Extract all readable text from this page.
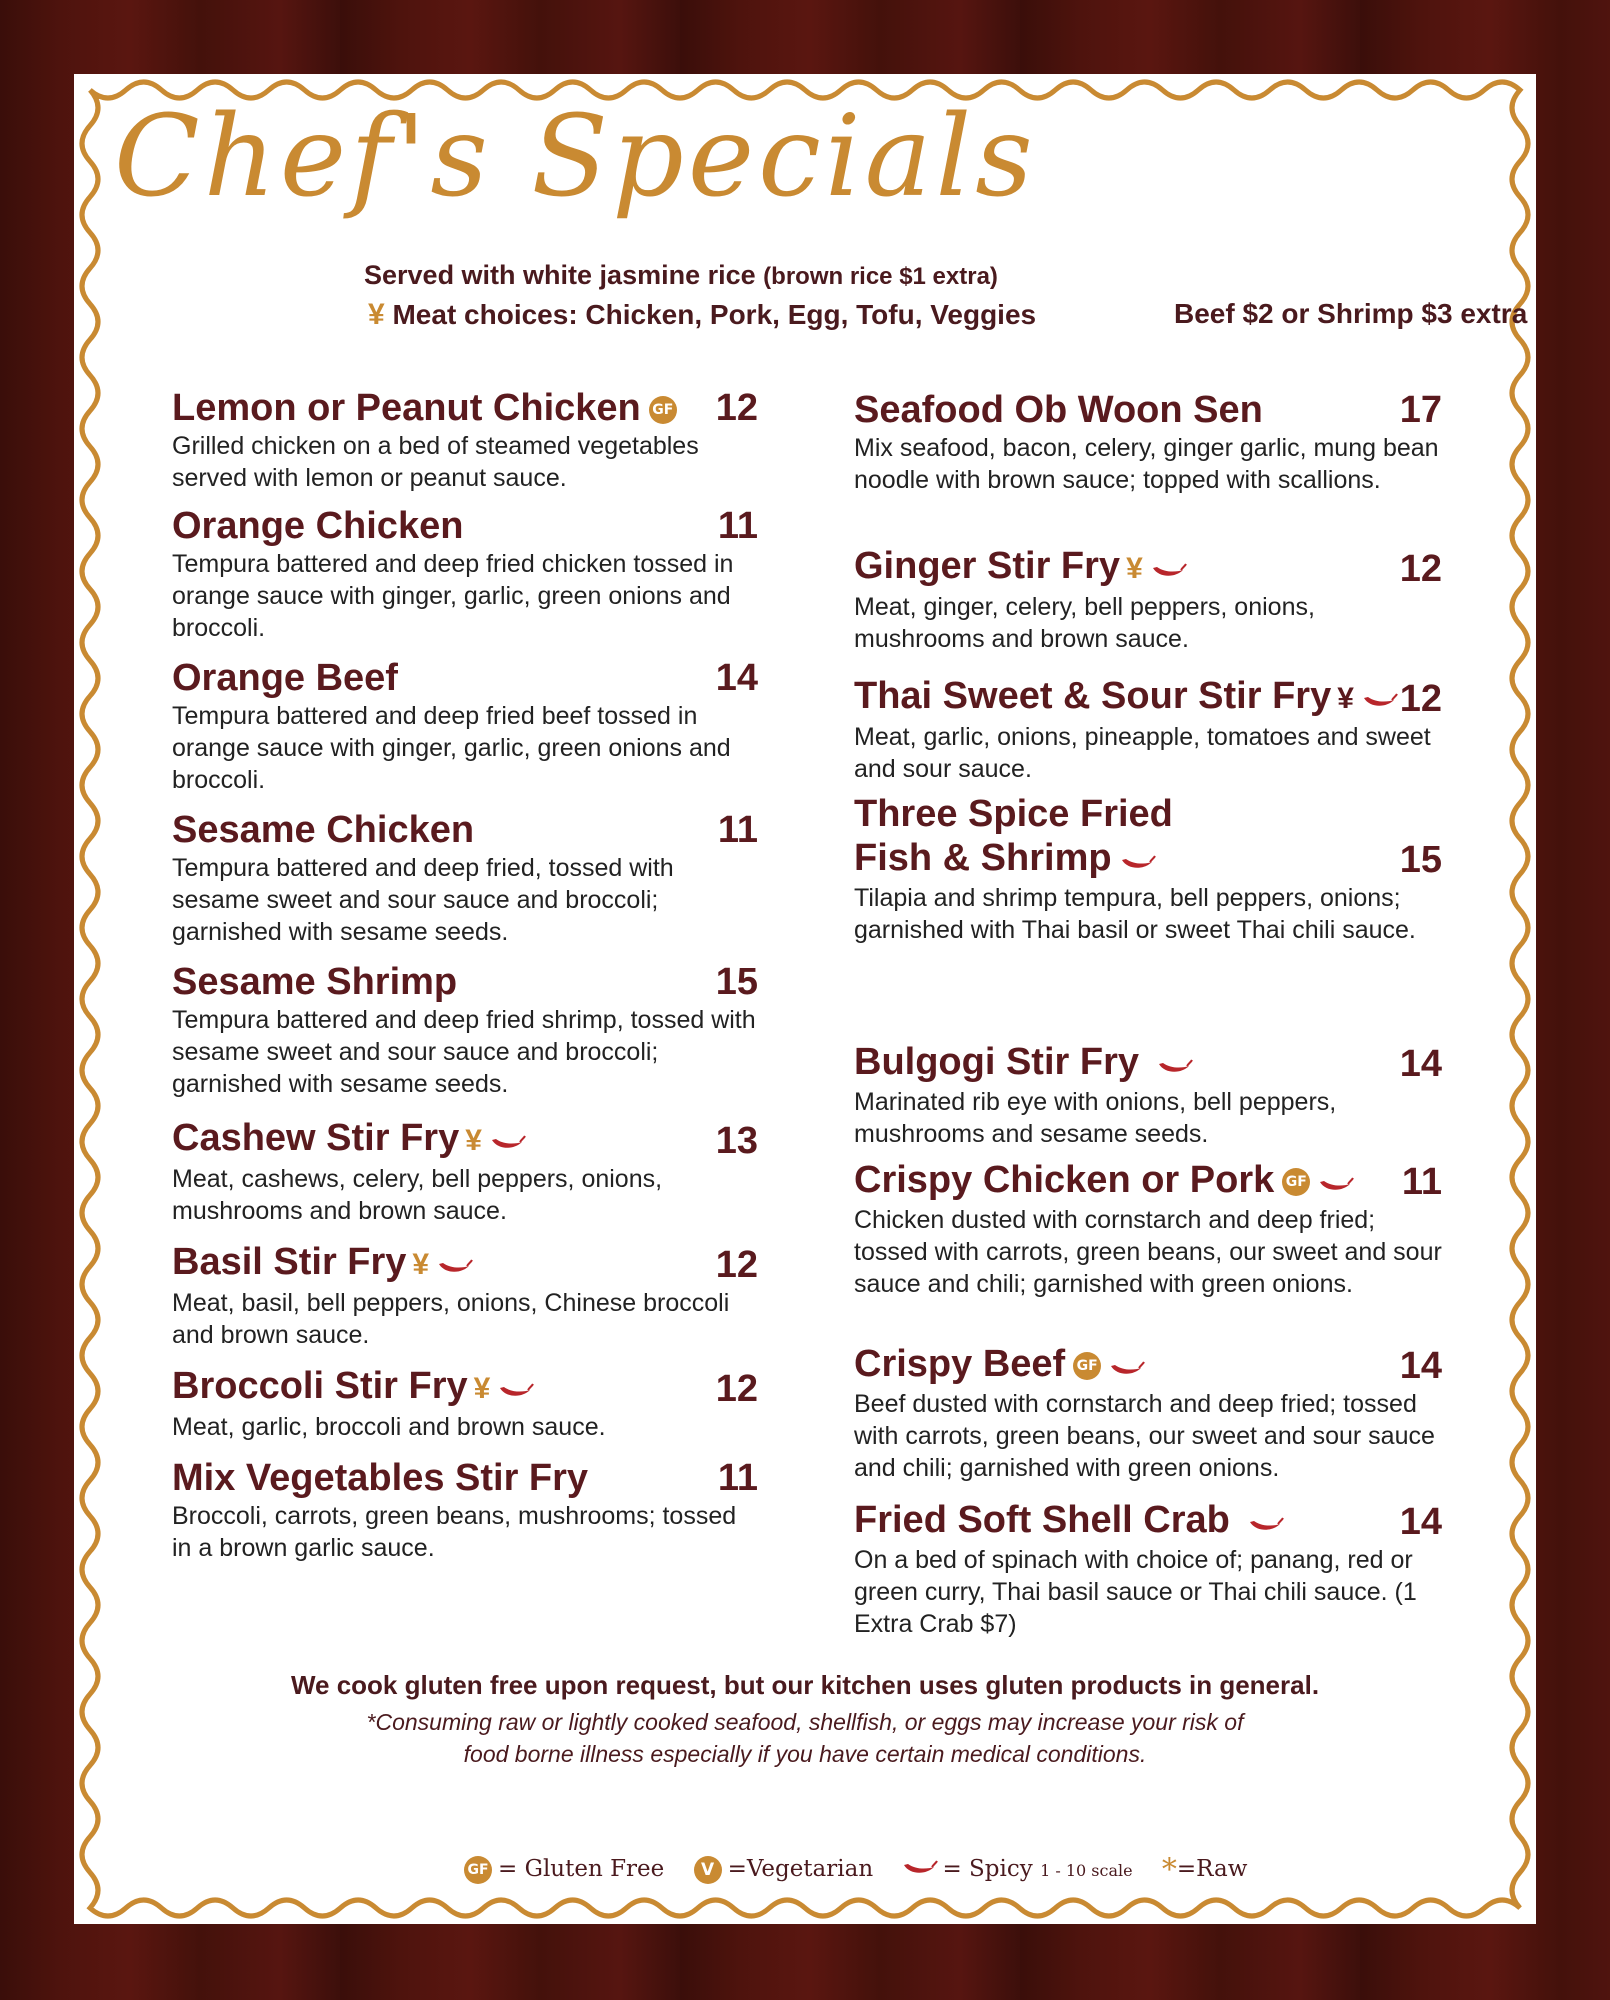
Chef's Specials
Served with white jasmine rice (brown rice $1 extra)
¥ Meat choices: Chicken, Pork, Egg, Tofu, Veggies	Beef $2 or Shrimp $3 extra
Lemon or Peanut Chicken GF 12
Grilled chicken on a bed of steamed vegetables served with lemon or peanut sauce.
Orange Chicken	11
Tempura battered and deep fried chicken tossed in orange sauce with ginger, garlic, green onions and broccoli.
Orange Beef	14
Tempura battered and deep fried beef tossed in orange sauce with ginger, garlic, green onions and broccoli.
Sesame Chicken	11
Tempura battered and deep fried, tossed with sesame sweet and sour sauce and broccoli; garnished with sesame seeds.
Sesame Shrimp	15
Tempura battered and deep fried shrimp, tossed with sesame sweet and sour sauce and broccoli; garnished with sesame seeds.
Cashew Stir Fry ¥	13
Meat, cashews, celery, bell peppers, onions, mushrooms and brown sauce.
Basil Stir Fry ¥	12
Meat, basil, bell peppers, onions, Chinese broccoli and brown sauce.
Broccoli Stir Fry ¥	12
Meat, garlic, broccoli and brown sauce.
Mix Vegetables Stir Fry	11
Broccoli, carrots, green beans, mushrooms; tossed in a brown garlic sauce.
Seafood Ob Woon Sen	17
Mix seafood, bacon, celery, ginger garlic, mung bean noodle with brown sauce; topped with scallions.
Ginger Stir Fry ¥	12
Meat, ginger, celery, bell peppers, onions, mushrooms and brown sauce.
Thai Sweet & Sour Stir Fry ¥ 12
Meat, garlic, onions, pineapple, tomatoes and sweet and sour sauce.
Three Spice Fried
Fish & Shrimp	15
Tilapia and shrimp tempura, bell peppers, onions; garnished with Thai basil or sweet Thai chili sauce.
Bulgogi Stir Fry	14
Marinated rib eye with onions, bell peppers, mushrooms and sesame seeds.
Crispy Chicken or Pork GF	11
Chicken dusted with cornstarch and deep fried; tossed with carrots, green beans, our sweet and sour sauce and chili; garnished with green onions.
Crispy Beef GF	14
Beef dusted with cornstarch and deep fried; tossed with carrots, green beans, our sweet and sour sauce and chili; garnished with green onions.
Fried Soft Shell Crab	14
On a bed of spinach with choice of; panang, red or green curry, Thai basil sauce or Thai chili sauce. (1 Extra Crab $7)
We cook gluten free upon request, but our kitchen uses gluten products in general.
*Consuming raw or lightly cooked seafood, shellfish, or eggs may increase your risk of
food borne illness especially if you have certain medical conditions.
GF = Gluten Free V =Vegetarian	= Spicy 1 - 10 scale *=Raw
